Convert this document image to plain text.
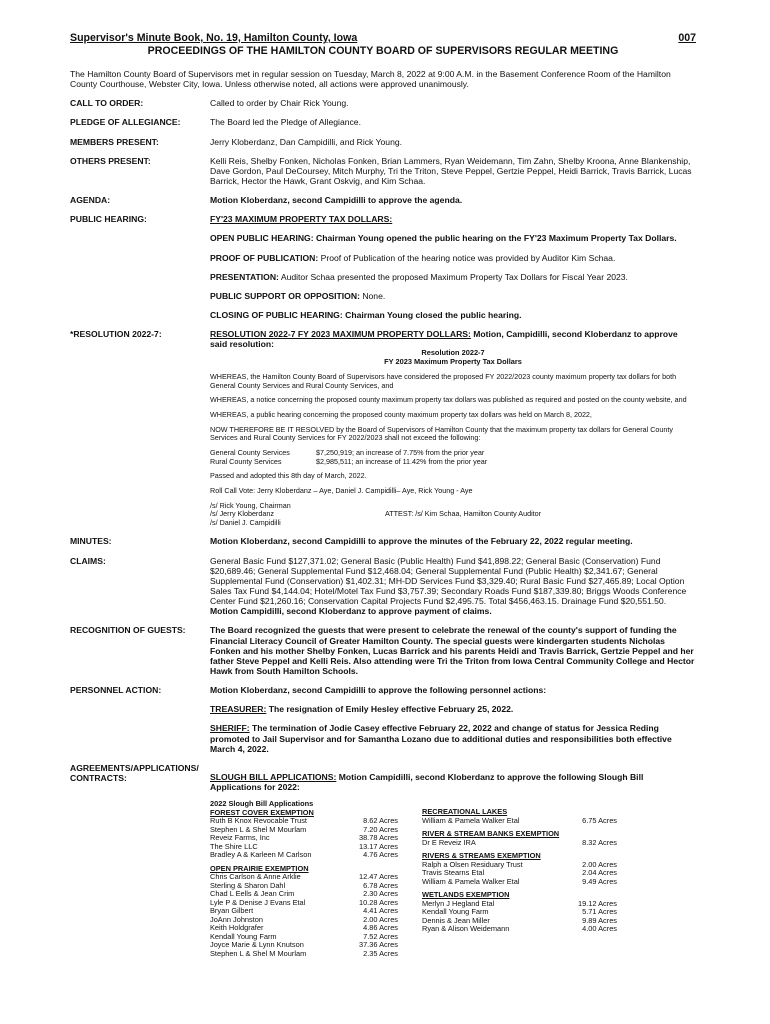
Supervisor's Minute Book, No. 19, Hamilton County, Iowa	007
PROCEEDINGS OF THE HAMILTON COUNTY BOARD OF SUPERVISORS REGULAR MEETING
The Hamilton County Board of Supervisors met in regular session on Tuesday, March 8, 2022 at 9:00 A.M. in the Basement Conference Room of the Hamilton County Courthouse, Webster City, Iowa. Unless otherwise noted, all actions were approved unanimously.
CALL TO ORDER:	Called to order by Chair Rick Young.
PLEDGE OF ALLEGIANCE:	The Board led the Pledge of Allegiance.
MEMBERS PRESENT:	Jerry Kloberdanz, Dan Campidilli, and Rick Young.
OTHERS PRESENT:	Kelli Reis, Shelby Fonken, Nicholas Fonken, Brian Lammers, Ryan Weidemann, Tim Zahn, Shelby Kroona, Anne Blankenship, Dave Gordon, Paul DeCoursey, Mitch Murphy, Tri the Triton, Steve Peppel, Gertzie Peppel, Heidi Barrick, Travis Barrick, Lucas Barrick, Hector the Hawk, Grant Oskvig, and Kim Schaa.
AGENDA:	Motion Kloberdanz, second Campidilli to approve the agenda.
PUBLIC HEARING:	FY'23 MAXIMUM PROPERTY TAX DOLLARS:
OPEN PUBLIC HEARING: Chairman Young opened the public hearing on the FY'23 Maximum Property Tax Dollars.
PROOF OF PUBLICATION: Proof of Publication of the hearing notice was provided by Auditor Kim Schaa.
PRESENTATION: Auditor Schaa presented the proposed Maximum Property Tax Dollars for Fiscal Year 2023.
PUBLIC SUPPORT OR OPPOSITION: None.
CLOSING OF PUBLIC HEARING: Chairman Young closed the public hearing.
*RESOLUTION 2022-7:	RESOLUTION 2022-7 FY 2023 MAXIMUM PROPERTY DOLLARS: Motion, Campidilli, second Kloberdanz to approve said resolution:
Resolution 2022-7
FY 2023 Maximum Property Tax Dollars

WHEREAS, the Hamilton County Board of Supervisors have considered the proposed FY 2022/2023 county maximum property tax dollars for both General County Services and Rural County Services, and

WHEREAS, a notice concerning the proposed county maximum property tax dollars was published as required and posted on the county website, and

WHEREAS, a public hearing concerning the proposed county maximum property tax dollars was held on March 8, 2022,

NOW THEREFORE BE IT RESOLVED by the Board of Supervisors of Hamilton County that the maximum property tax dollars for General County Services and Rural County Services for FY 2022/2023 shall not exceed the following:

General County Services	$7,250,919; an increase of 7.75% from the prior year
Rural County Services	$2,985,511; an increase of 11.42% from the prior year

Passed and adopted this 8th day of March, 2022.

Roll Call Vote: Jerry Kloberdanz – Aye, Daniel J. Campidilli– Aye, Rick Young - Aye

/s/ Rick Young, Chairman
/s/ Jerry Kloberdanz
/s/ Daniel J. Campidilli
ATTEST: /s/ Kim Schaa, Hamilton County Auditor

MINUTES:	Motion Kloberdanz, second Campidilli to approve the minutes of the February 22, 2022 regular meeting.
CLAIMS:	General Basic Fund $127,371.02; General Basic (Public Health) Fund $41,898.22; General Basic (Conservation) Fund $20,689.46; General Supplemental Fund $12,468.04; General Supplemental Fund (Public Health) $2,341.67; General Supplemental Fund (Conservation) $1,402.31; MH-DD Services Fund $3,329.40; Rural Basic Fund $27,465.89; Local Option Sales Tax Fund $4,144.04; Hotel/Motel Tax Fund $3,757.39; Secondary Roads Fund $187,339.80; Briggs Woods Conference Center Fund $21,260.16; Conservation Capital Projects Fund $2,495.75. Total $456,463.15. Drainage Fund $20,551.50. Motion Campidilli, second Kloberdanz to approve payment of claims.
RECOGNITION OF GUESTS:	The Board recognized the guests that were present to celebrate the renewal of the county's support of funding the Financial Literacy Council of Greater Hamilton County. The special guests were kindergarten students Nicholas Fonken and his mother Shelby Fonken, Lucas Barrick and his parents Heidi and Travis Barrick, Gertzie Peppel and her father Steve Peppel and Kelli Reis. Also attending were Tri the Triton from Iowa Central Community College and Hector Hawk from South Hamilton Schools.
PERSONNEL ACTION:	Motion Kloberdanz, second Campidilli to approve the following personnel actions:
TREASURER: The resignation of Emily Hesley effective February 25, 2022.
SHERIFF: The termination of Jodie Casey effective February 22, 2022 and change of status for Jessica Reding promoted to Jail Supervisor and for Samantha Lozano due to additional duties and responsibilities both effective March 4, 2022.
AGREEMENTS/APPLICATIONS/
CONTRACTS:	SLOUGH BILL APPLICATIONS: Motion Campidilli, second Kloberdanz to approve the following Slough Bill Applications for 2022:
2022 Slough Bill Applications
FOREST COVER EXEMPTION
Ruth B Knox Revocable Trust	8.62 Acres
Stephen L & Shel M Mourlam	7.20 Acres
Reveiz Farms, Inc	38.78 Acres
The Shire LLC	13.17 Acres
Bradley A & Karleen M Carlson	4.76 Acres
OPEN PRAIRIE EXEMPTION
Chris Carlson & Anne Arklie	12.47 Acres
Sterling & Sharon Dahl	6.78 Acres
Chad L Eells & Jean Crim	2.30 Acres
Lyle P & Denise J Evans Etal	10.28 Acres
Bryan Gilbert	4.41 Acres
JoAnn Johnston	2.00 Acres
Keith Holdgrafer	4.86 Acres
Kendall Young Farm	7.52 Acres
Joyce Marie & Lynn Knutson	37.36 Acres
Stephen L & Shel M Mourlam	2.35 Acres
RECREATIONAL LAKES
William & Pamela Walker Etal	6.75 Acres
RIVER & STREAM BANKS EXEMPTION
Dr E Reveiz IRA	8.32 Acres
RIVERS & STREAMS EXEMPTION
Ralph a Olsen Residuary Trust	2.00 Acres
Travis Stearns Etal	2.04 Acres
William & Pamela Walker Etal	9.49 Acres
WETLANDS EXEMPTION
Merlyn J Hegland Etal	19.12 Acres
Kendall Young Farm	5.71 Acres
Dennis & Jean Miller	9.89 Acres
Ryan & Alison Weidemann	4.00 Acres
